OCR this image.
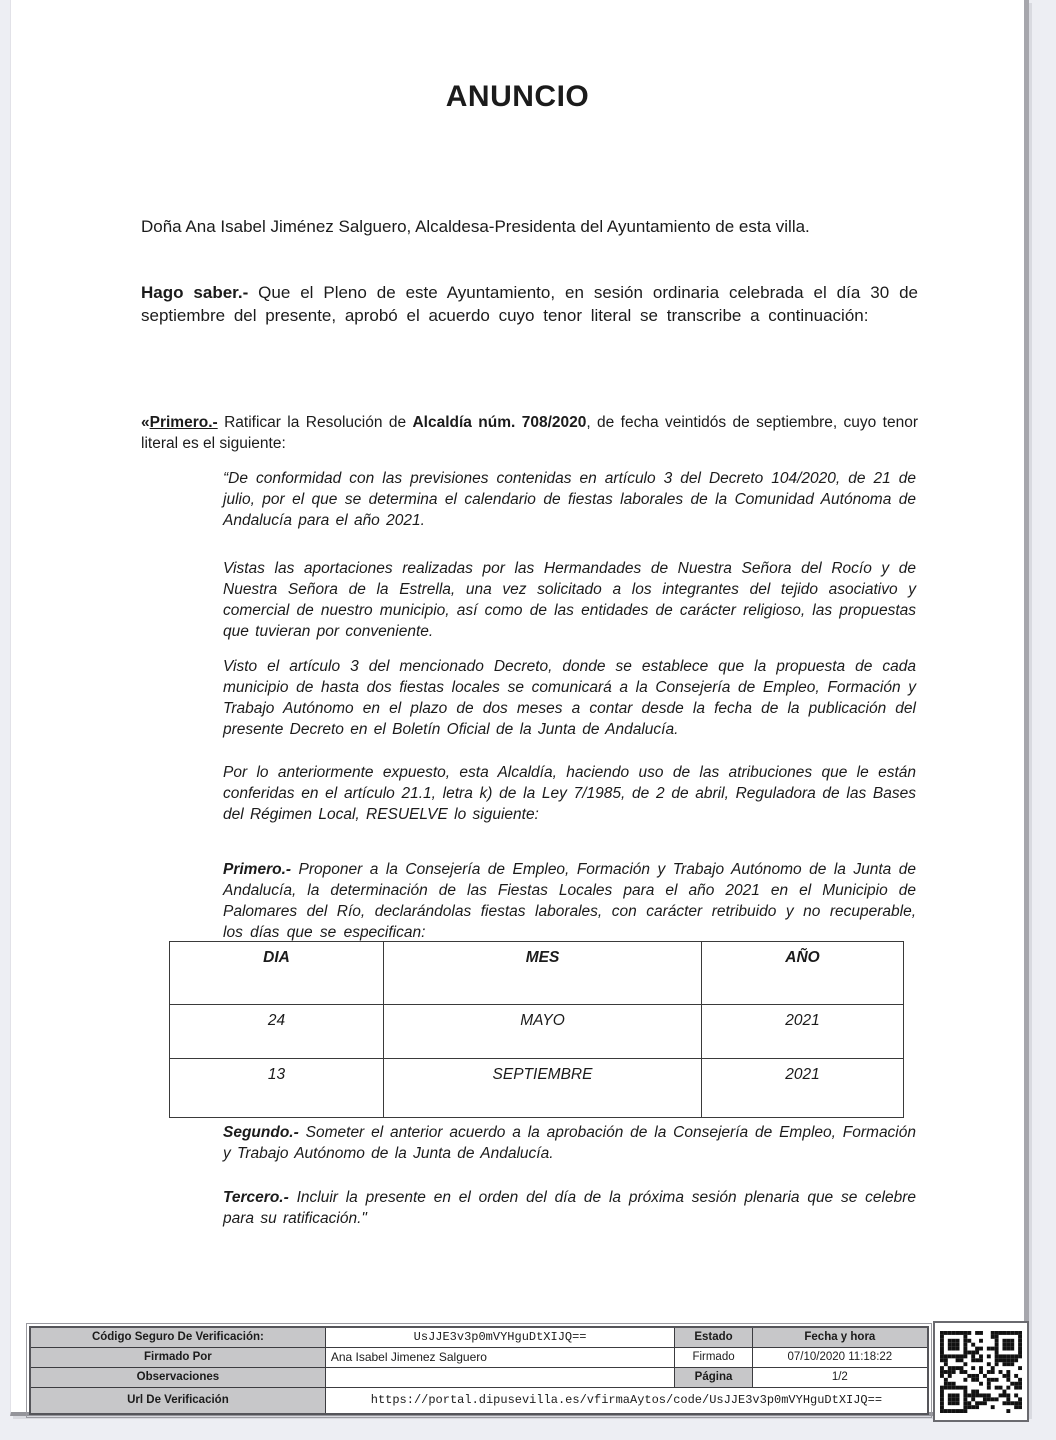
ANUNCIO

Doña Ana Isabel Jiménez Salguero, Alcaldesa-Presidenta del Ayuntamiento de esta villa.

Hago saber.- Que el Pleno de este Ayuntamiento, en sesión ordinaria celebrada el día 30 de septiembre del presente, aprobó el acuerdo cuyo tenor literal se transcribe a continuación:

«Primero.- Ratificar la Resolución de Alcaldía núm. 708/2020, de fecha veintidós de septiembre, cuyo tenor literal es el siguiente:

“De conformidad con las previsiones contenidas en artículo 3 del Decreto 104/2020, de 21 de julio, por el que se determina el calendario de fiestas laborales de la Comunidad Autónoma de Andalucía para el año 2021.

Vistas las aportaciones realizadas por las Hermandades de Nuestra Señora del Rocío y de Nuestra Señora de la Estrella, una vez solicitado a los integrantes del tejido asociativo y comercial de nuestro municipio, así como de las entidades de carácter religioso, las propuestas que tuvieran por conveniente.

Visto el artículo 3 del mencionado Decreto, donde se establece que la propuesta de cada municipio de hasta dos fiestas locales se comunicará a la Consejería de Empleo, Formación y Trabajo Autónomo en el plazo de dos meses a contar desde la fecha de la publicación del presente Decreto en el Boletín Oficial de la Junta de Andalucía.

Por lo anteriormente expuesto, esta Alcaldía, haciendo uso de las atribuciones que le están conferidas en el artículo 21.1, letra k) de la Ley 7/1985, de 2 de abril, Reguladora de las Bases del Régimen Local, RESUELVE lo siguiente:

Primero.- Proponer a la Consejería de Empleo, Formación y Trabajo Autónomo de la Junta de Andalucía, la determinación de las Fiestas Locales para el año 2021 en el Municipio de Palomares del Río, declarándolas fiestas laborales, con carácter retribuido y no recuperable, los días que se especifican:

DIA	MES	AÑO
24	MAYO	2021
13	SEPTIEMBRE	2021

Segundo.- Someter el anterior acuerdo a la aprobación de la Consejería de Empleo, Formación y Trabajo Autónomo de la Junta de Andalucía.

Tercero.- Incluir la presente en el orden del día de la próxima sesión plenaria que se celebre para su ratificación."

Código Seguro De Verificación:	UsJJE3v3p0mVYHguDtXIJQ==	Estado	Fecha y hora
Firmado Por	Ana Isabel Jimenez Salguero	Firmado	07/10/2020 11:18:22
Observaciones		Página	1/2
Url De Verificación	https://portal.dipusevilla.es/vfirmaAytos/code/UsJJE3v3p0mVYHguDtXIJQ==		
